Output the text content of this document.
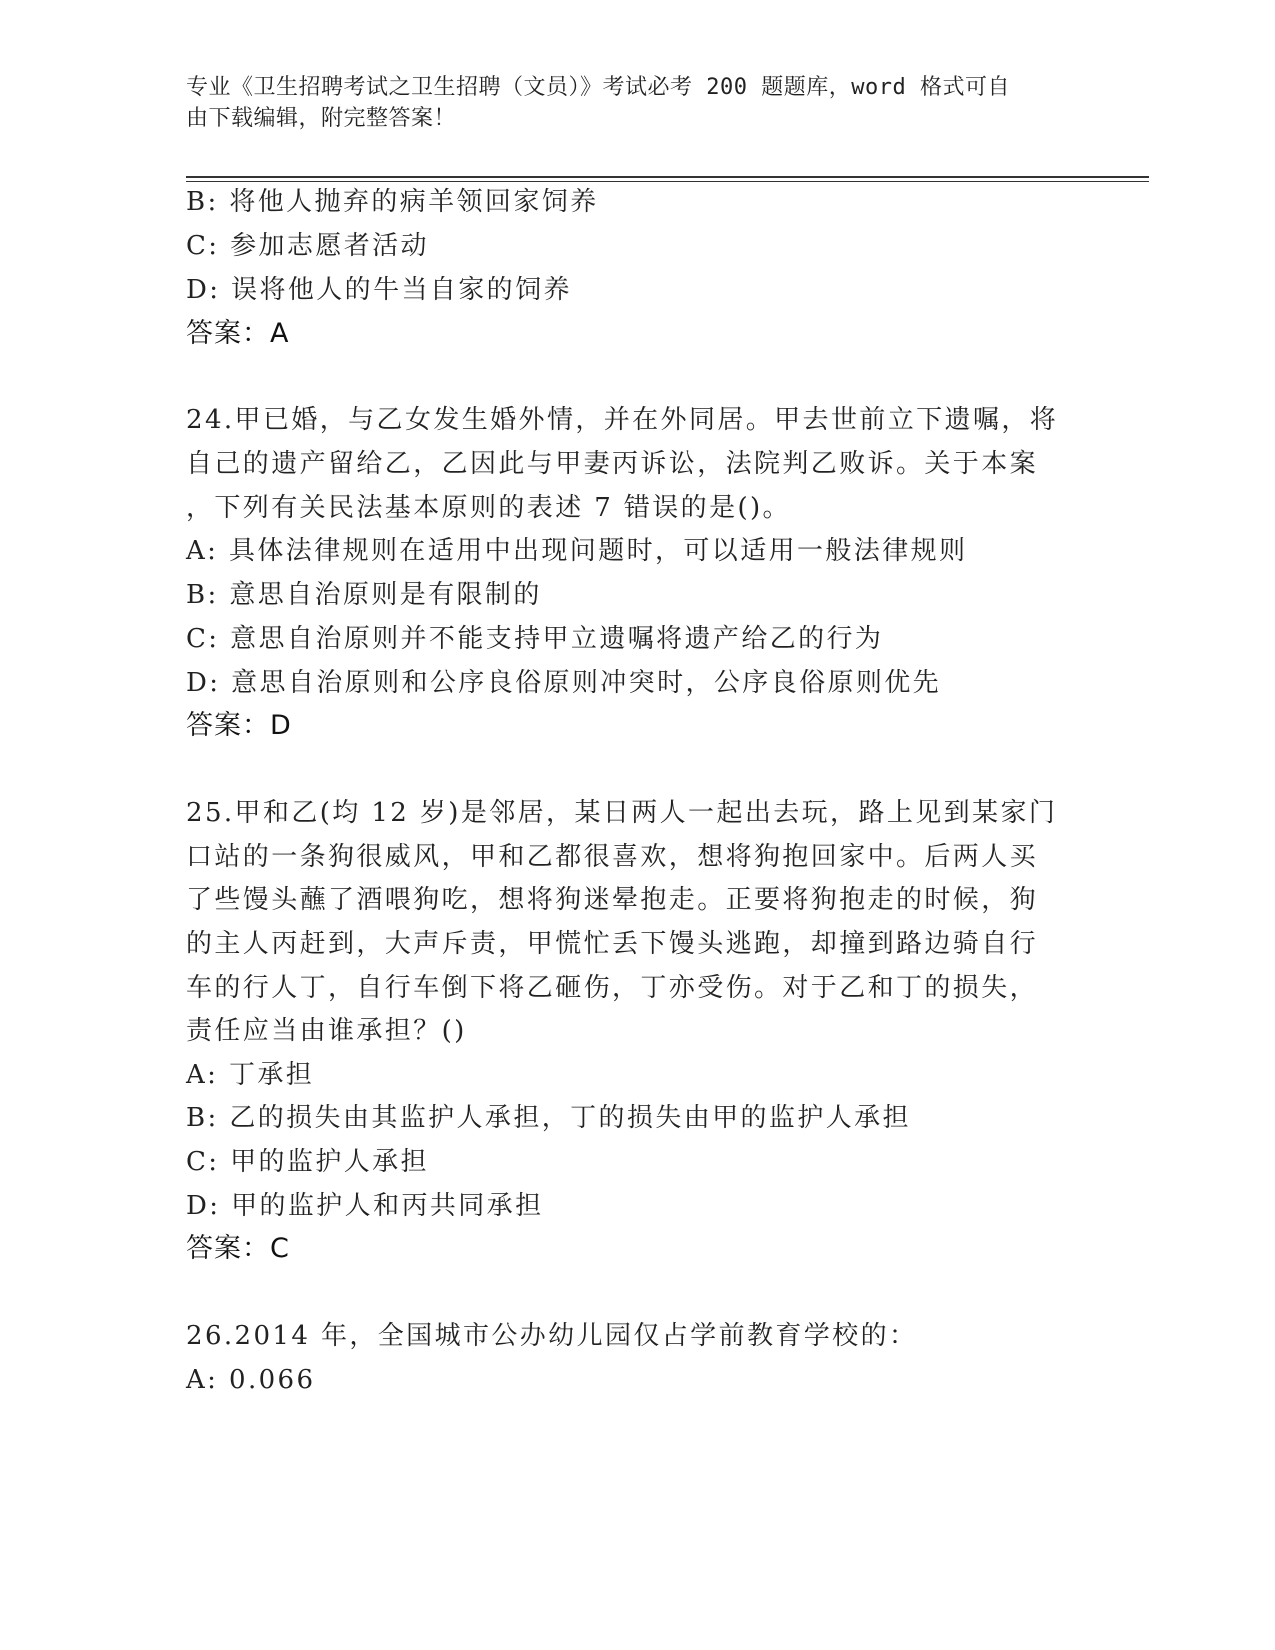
专业《卫生招聘考试之卫生招聘（文员）》考试必考 200 题题库，word 格式可自
由下载编辑，附完整答案！
B: 将他人抛弃的病羊领回家饲养
C: 参加志愿者活动
D: 误将他人的牛当自家的饲养
答案：A
24.甲已婚，与乙女发生婚外情，并在外同居。甲去世前立下遗嘱，将
自己的遗产留给乙，乙因此与甲妻丙诉讼，法院判乙败诉。关于本案
，下列有关民法基本原则的表述 7 错误的是()。
A: 具体法律规则在适用中出现问题时，可以适用一般法律规则
B: 意思自治原则是有限制的
C: 意思自治原则并不能支持甲立遗嘱将遗产给乙的行为
D: 意思自治原则和公序良俗原则冲突时，公序良俗原则优先
答案：D
25.甲和乙(均 12 岁)是邻居，某日两人一起出去玩，路上见到某家门
口站的一条狗很威风，甲和乙都很喜欢，想将狗抱回家中。后两人买
了些馒头蘸了酒喂狗吃，想将狗迷晕抱走。正要将狗抱走的时候，狗
的主人丙赶到，大声斥责，甲慌忙丢下馒头逃跑，却撞到路边骑自行
车的行人丁，自行车倒下将乙砸伤，丁亦受伤。对于乙和丁的损失，
责任应当由谁承担？()
A: 丁承担
B: 乙的损失由其监护人承担，丁的损失由甲的监护人承担
C: 甲的监护人承担
D: 甲的监护人和丙共同承担
答案：C
26.2014 年，全国城市公办幼儿园仅占学前教育学校的：
A: 0.066
